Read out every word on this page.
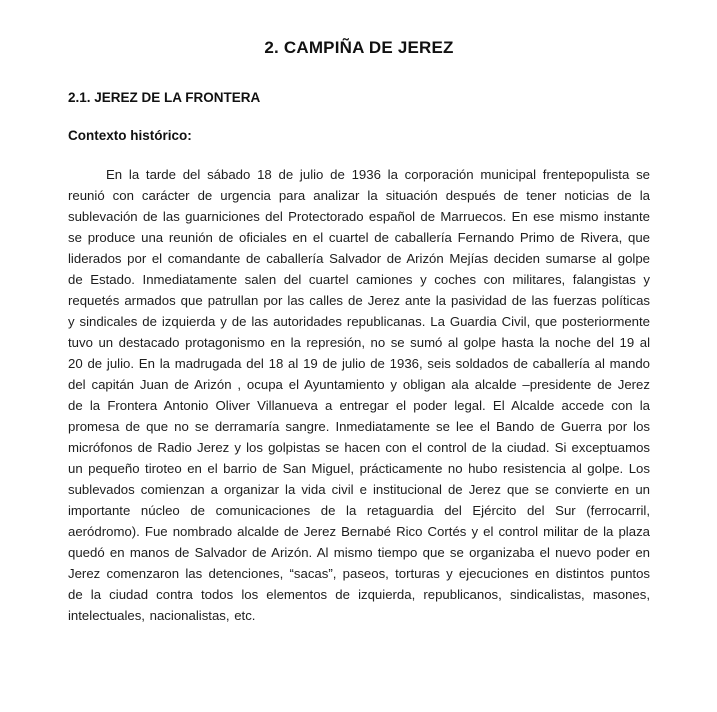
2. CAMPIÑA DE JEREZ
2.1. JEREZ DE LA FRONTERA
Contexto histórico:

En la tarde del sábado 18 de julio de 1936 la corporación municipal frentepopulista se reunió con carácter de urgencia para analizar la situación después de tener noticias de la sublevación de las guarniciones del Protectorado español de Marruecos. En ese mismo instante se produce una reunión de oficiales en el cuartel de caballería Fernando Primo de Rivera, que liderados por el comandante de caballería Salvador de Arizón Mejías deciden sumarse al golpe de Estado. Inmediatamente salen del cuartel camiones y coches con militares, falangistas y requetés armados que patrullan por las calles de Jerez ante la pasividad de las fuerzas políticas y sindicales de izquierda y de las autoridades republicanas. La Guardia Civil, que posteriormente tuvo un destacado protagonismo en la represión, no se sumó al golpe hasta la noche del 19 al 20 de julio. En la madrugada del 18 al 19 de julio de 1936, seis soldados de caballería al mando del capitán Juan de Arizón , ocupa el Ayuntamiento y obligan ala alcalde –presidente de Jerez de la Frontera Antonio Oliver Villanueva a entregar el poder legal. El Alcalde accede con la promesa de que no se derramaría sangre. Inmediatamente se lee el Bando de Guerra por los micrófonos de Radio Jerez y los golpistas se hacen con el control de la ciudad. Si exceptuamos un pequeño tiroteo en el barrio de San Miguel, prácticamente no hubo resistencia al golpe. Los sublevados comienzan a organizar la vida civil e institucional de Jerez que se convierte en un importante núcleo de comunicaciones de la retaguardia del Ejército del Sur (ferrocarril, aeródromo). Fue nombrado alcalde de Jerez Bernabé Rico Cortés y el control militar de la plaza quedó en manos de Salvador de Arizón. Al mismo tiempo que se organizaba el nuevo poder en Jerez comenzaron las detenciones, “sacas”, paseos, torturas y ejecuciones en distintos puntos de la ciudad contra todos los elementos de izquierda, republicanos, sindicalistas, masones, intelectuales, nacionalistas, etc.
